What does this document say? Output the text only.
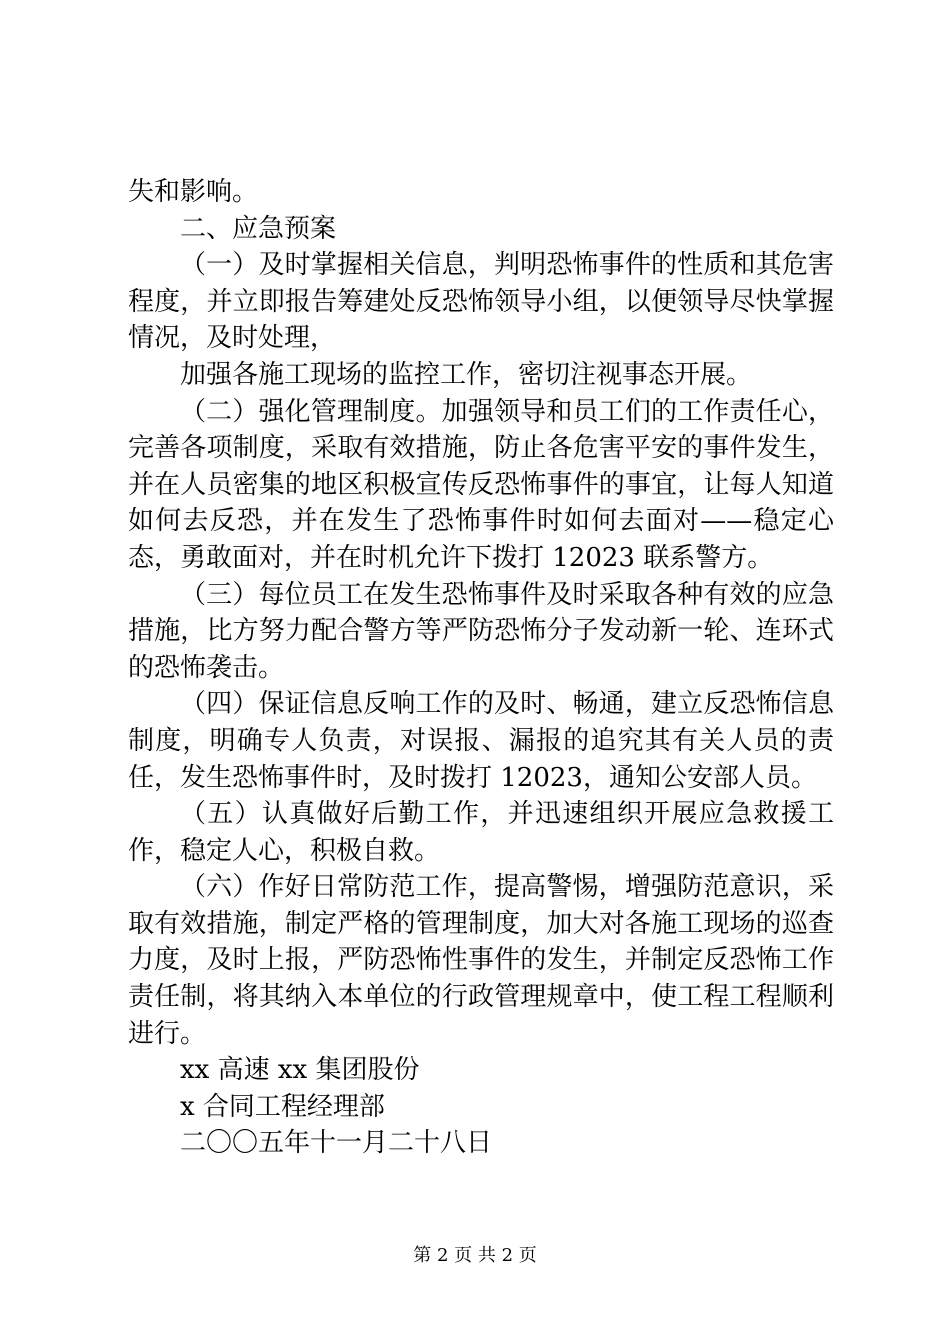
失和影响。

二、应急预案

（一）及时掌握相关信息，判明恐怖事件的性质和其危害程度，并立即报告筹建处反恐怖领导小组，以便领导尽快掌握情况，及时处理，

加强各施工现场的监控工作，密切注视事态开展。

（二）强化管理制度。加强领导和员工们的工作责任心，完善各项制度，采取有效措施，防止各危害平安的事件发生，并在人员密集的地区积极宣传反恐怖事件的事宜，让每人知道如何去反恐，并在发生了恐怖事件时如何去面对——稳定心态，勇敢面对，并在时机允许下拨打 12023 联系警方。

（三）每位员工在发生恐怖事件及时采取各种有效的应急措施，比方努力配合警方等严防恐怖分子发动新一轮、连环式的恐怖袭击。

（四）保证信息反响工作的及时、畅通，建立反恐怖信息制度，明确专人负责，对误报、漏报的追究其有关人员的责任，发生恐怖事件时，及时拨打 12023，通知公安部人员。

（五）认真做好后勤工作，并迅速组织开展应急救援工作，稳定人心，积极自救。

（六）作好日常防范工作，提高警惕，增强防范意识，采取有效措施，制定严格的管理制度，加大对各施工现场的巡查力度，及时上报，严防恐怖性事件的发生，并制定反恐怖工作责任制，将其纳入本单位的行政管理规章中，使工程工程顺利进行。

xx 高速 xx 集团股份

x 合同工程经理部

二〇〇五年十一月二十八日

第 2 页 共 2 页
